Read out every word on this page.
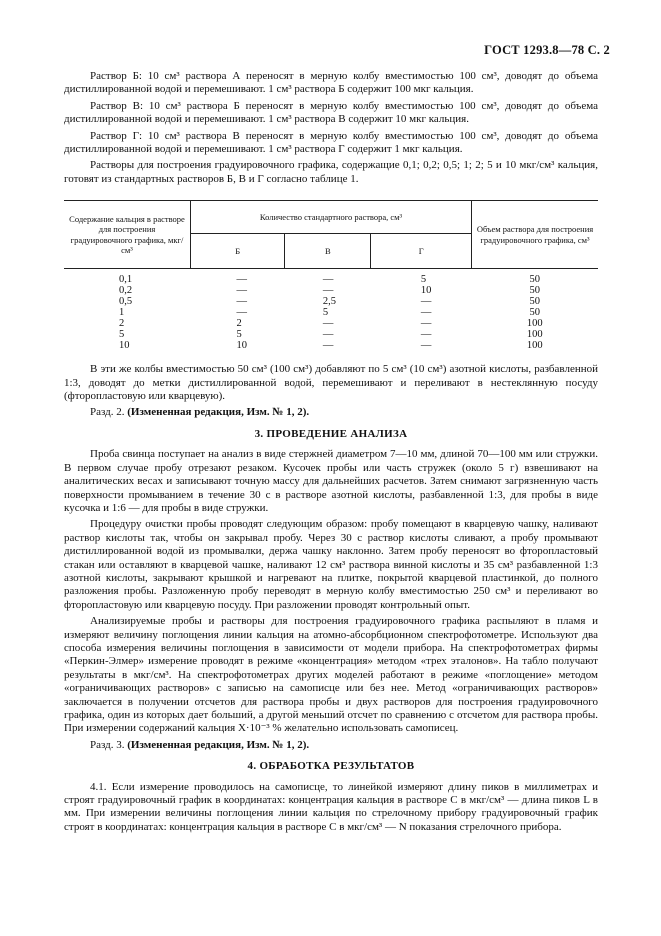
ГОСТ 1293.8—78 С. 2

Раствор Б: 10 см³ раствора А переносят в мерную колбу вместимостью 100 см³, доводят до объема дистиллированной водой и перемешивают. 1 см³ раствора Б содержит 100 мкг кальция.

Раствор В: 10 см³ раствора Б переносят в мерную колбу вместимостью 100 см³, доводят до объема дистиллированной водой и перемешивают. 1 см³ раствора В содержит 10 мкг кальция.

Раствор Г: 10 см³ раствора В переносят в мерную колбу вместимостью 100 см³, доводят до объема дистиллированной водой и перемешивают. 1 см³ раствора Г содержит 1 мкг кальция.

Растворы для построения градуировочного графика, содержащие 0,1; 0,2; 0,5; 1; 2; 5 и 10 мкг/см³ кальция, готовят из стандартных растворов Б, В и Г согласно таблице 1.

Содержание кальция в растворе для построения градуировочного графика, мкг/см³	Количество стандартного раствора, см³			Объем раствора для построения градуировочного графика, см³
	Б	В	Г	
0,1	—	—	5	50
0,2	—	—	10	50
0,5	—	2,5	—	50
1	—	5	—	50
2	2	—	—	100
5	5	—	—	100
10	10	—	—	100

В эти же колбы вместимостью 50 см³ (100 см³) добавляют по 5 см³ (10 см³) азотной кислоты, разбавленной 1:3, доводят до метки дистиллированной водой, перемешивают и переливают в нестеклянную посуду (фторопластовую или кварцевую).

Разд. 2. (Измененная редакция, Изм. № 1, 2).

3. ПРОВЕДЕНИЕ АНАЛИЗА

Проба свинца поступает на анализ в виде стержней диаметром 7—10 мм, длиной 70—100 мм или стружки. В первом случае пробу отрезают резаком. Кусочек пробы или часть стружек (около 5 г) взвешивают на аналитических весах и записывают точную массу для дальнейших расчетов. Затем снимают загрязненную часть поверхности промыванием в течение 30 с в растворе азотной кислоты, разбавленной 1:3, для пробы в виде кусочка и 1:6 — для пробы в виде стружки.

Процедуру очистки пробы проводят следующим образом: пробу помещают в кварцевую чашку, наливают раствор кислоты так, чтобы он закрывал пробу. Через 30 с раствор кислоты сливают, а пробу промывают дистиллированной водой из промывалки, держа чашку наклонно. Затем пробу переносят во фторопластовый стакан или оставляют в кварцевой чашке, наливают 12 см³ раствора винной кислоты и 35 см³ разбавленной 1:3 азотной кислоты, закрывают крышкой и нагревают на плитке, покрытой кварцевой пластинкой, до полного разложения пробы. Разложенную пробу переводят в мерную колбу вместимостью 250 см³ и переливают во фторопластовую или кварцевую посуду. При разложении проводят контрольный опыт.

Анализируемые пробы и растворы для построения градуировочного графика распыляют в пламя и измеряют величину поглощения линии кальция на атомно-абсорбционном спектрофотометре. Используют два способа измерения величины поглощения в зависимости от модели прибора. На спектрофотометрах фирмы «Перкин-Элмер» измерение проводят в режиме «концентрация» методом «трех эталонов». На табло получают результаты в мкг/см³. На спектрофотометрах других моделей работают в режиме «поглощение» методом «ограничивающих растворов» с записью на самописце или без нее. Метод «ограничивающих растворов» заключается в получении отсчетов для раствора пробы и двух растворов для построения градуировочного графика, один из которых дает больший, а другой меньший отсчет по сравнению с отсчетом для раствора пробы. При измерении содержаний кальция X·10⁻³ % желательно использовать самописец.

Разд. 3. (Измененная редакция, Изм. № 1, 2).

4. ОБРАБОТКА РЕЗУЛЬТАТОВ

4.1. Если измерение проводилось на самописце, то линейкой измеряют длину пиков в миллиметрах и строят градуировочный график в координатах: концентрация кальция в растворе C в мкг/см³ — длина пиков L в мм. При измерении величины поглощения линии кальция по стрелочному прибору градуировочный график строят в координатах: концентрация кальция в растворе C в мкг/см³ — N показания стрелочного прибора.
